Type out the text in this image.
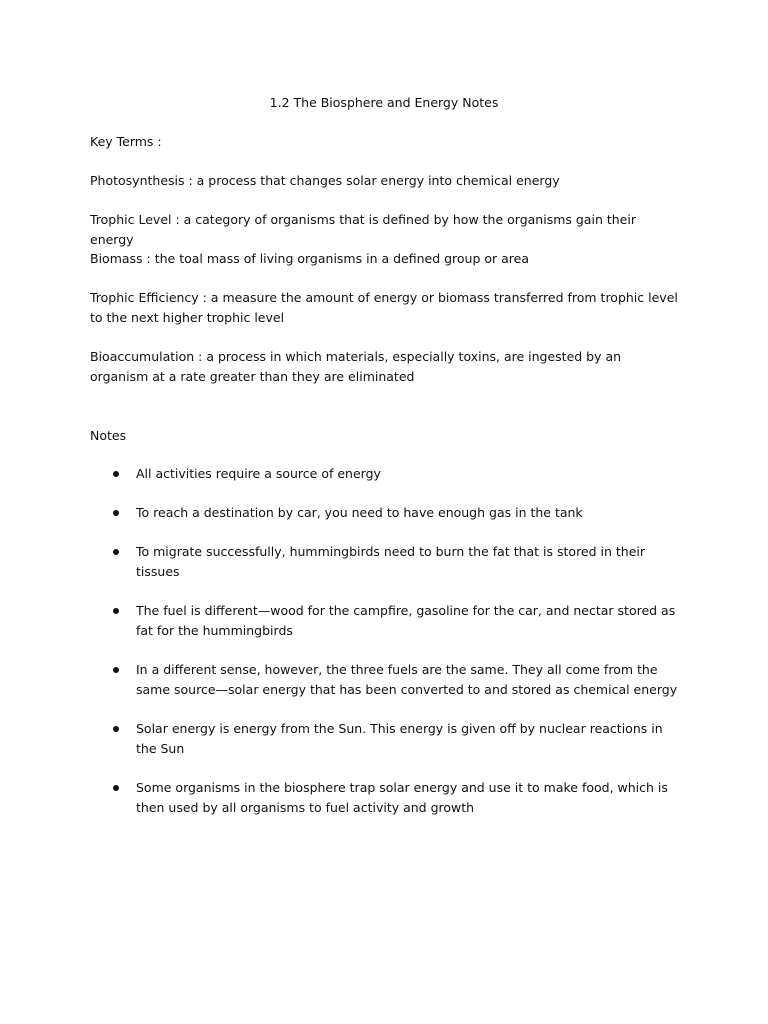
1.2 The Biosphere and Energy Notes

Key Terms :

Photosynthesis : a process that changes solar energy into chemical energy

Trophic Level : a category of organisms that is defined by how the organisms gain their energy

Biomass : the toal mass of living organisms in a defined group or area

Trophic Efficiency : a measure the amount of energy or biomass transferred from trophic level to the next higher trophic level

Bioaccumulation : a process in which materials, especially toxins, are ingested by an organism at a rate greater than they are eliminated

Notes

All activities require a source of energy
To reach a destination by car, you need to have enough gas in the tank
To migrate successfully, hummingbirds need to burn the fat that is stored in their tissues
The fuel is different—wood for the campfire, gasoline for the car, and nectar stored as fat for the hummingbirds
In a different sense, however, the three fuels are the same. They all come from the same source—solar energy that has been converted to and stored as chemical energy
Solar energy is energy from the Sun. This energy is given off by nuclear reactions in the Sun
Some organisms in the biosphere trap solar energy and use it to make food, which is then used by all organisms to fuel activity and growth
